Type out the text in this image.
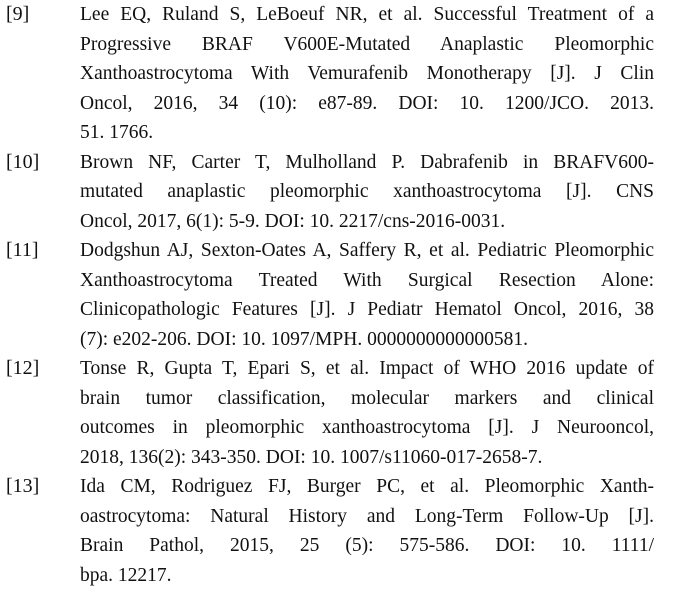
[9]	Lee EQ, Ruland S, LeBoeuf NR, et al. Successful Treatment of a
Progressive BRAF V600E-Mutated Anaplastic Pleomorphic
Xanthoastrocytoma With Vemurafenib Monotherapy [J]. J Clin
Oncol, 2016, 34 (10): e87-89. DOI: 10. 1200/JCO. 2013.
51. 1766.
[10] Brown NF, Carter T, Mulholland P. Dabrafenib in BRAFV600-
mutated anaplastic pleomorphic xanthoastrocytoma [J]. CNS
Oncol, 2017, 6(1): 5-9. DOI: 10. 2217/cns-2016-0031.
[11] Dodgshun AJ, Sexton-Oates A, Saffery R, et al. Pediatric Pleomorphic
Xanthoastrocytoma Treated With Surgical Resection Alone:
Clinicopathologic Features [J]. J Pediatr Hematol Oncol, 2016, 38
(7): e202-206. DOI: 10. 1097/MPH. 0000000000000581.
[12] Tonse R, Gupta T, Epari S, et al. Impact of WHO 2016 update of
brain tumor classification, molecular markers and clinical
outcomes in pleomorphic xanthoastrocytoma [J]. J Neurooncol,
2018, 136(2): 343-350. DOI: 10. 1007/s11060-017-2658-7.
[13] Ida CM, Rodriguez FJ, Burger PC, et al. Pleomorphic Xanth-
oastrocytoma: Natural History and Long-Term Follow-Up [J].
Brain Pathol, 2015, 25 (5): 575-586. DOI: 10. 1111/
bpa. 12217.
